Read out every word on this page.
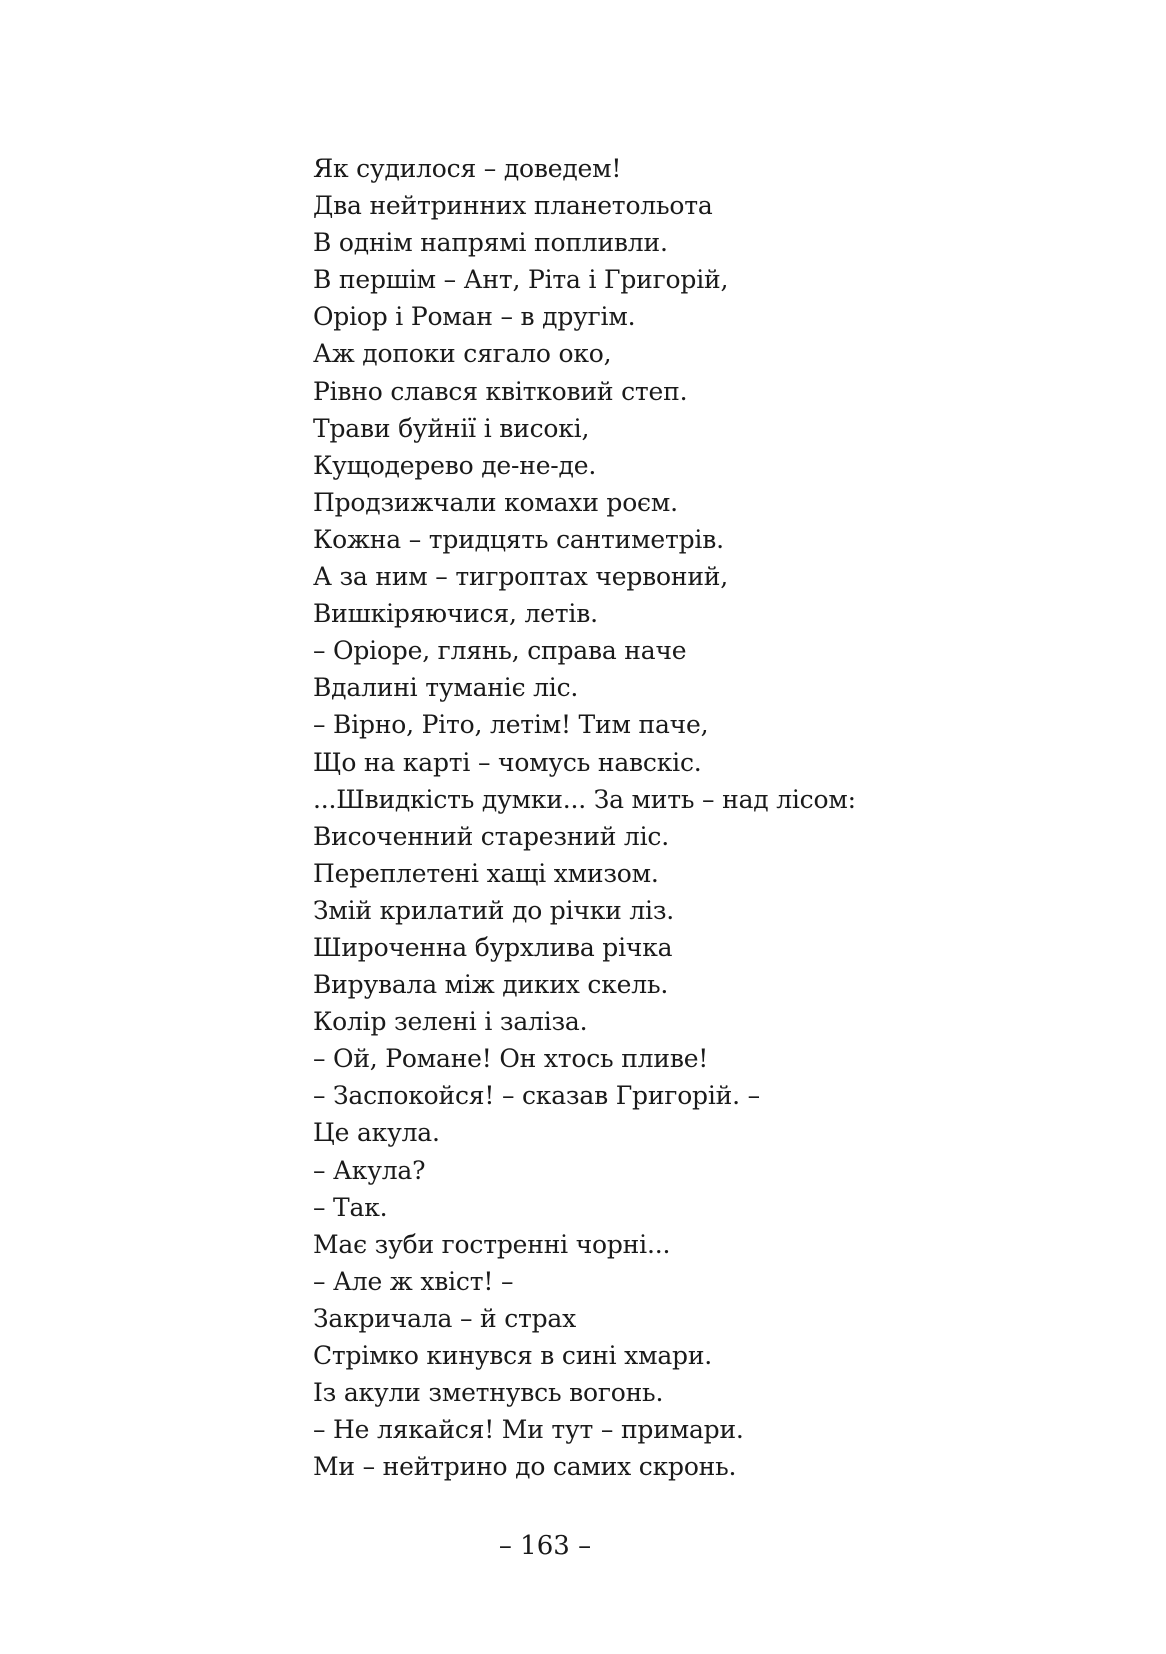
Як судилося – доведем!
Два нейтринних планетольота
В однім напрямі попливли.
В першім – Ант, Ріта і Григорій,
Оріор і Роман – в другім.
Аж допоки сягало око,
Рівно слався квітковий степ.
Трави буйнії і високі,
Кущодерево де-не-де.
Продзижчали комахи роєм.
Кожна – тридцять сантиметрів.
А за ним – тигроптах червоний,
Вишкіряючися, летів.
– Оріоре, глянь, справа наче
Вдалині туманіє ліс.
– Вірно, Ріто, летім! Тим паче,
Що на карті – чомусь навскіс.
...Швидкість думки... За мить – над лісом:
Височенний старезний ліс.
Переплетені хащі хмизом.
Змій крилатий до річки ліз.
Широченна бурхлива річка
Вирувала між диких скель.
Колір зелені і заліза.
– Ой, Романе! Он хтось пливе!
– Заспокойся! – сказав Григорій. –
Це акула.
– Акула?
– Так.
Має зуби гостренні чорні...
– Але ж хвіст! –
Закричала – й страх
Стрімко кинувся в сині хмари.
Із акули зметнувсь вогонь.
– Не лякайся! Ми тут – примари.
Ми – нейтрино до самих скронь.
– 163 –
